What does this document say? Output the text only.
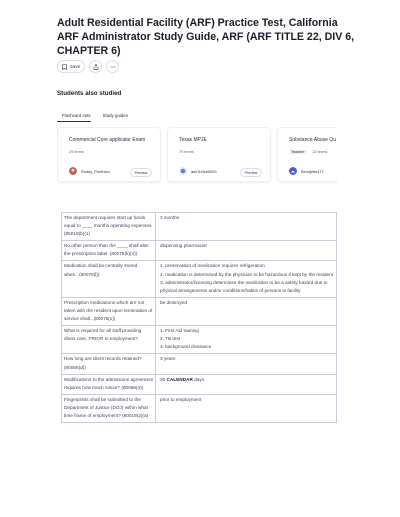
Adult Residential Facility (ARF) Practice Test, California ARF Administrator Study Guide, ARF (ARF TITLE 22, DIV 6, CHAPTER 6)
Save
Students also studied
Flashcard sets	Study guides
Commercial Core applicator Exam
29 terms
Roddy_Ponthieu	Preview
Texas MPJE
79 terms
ash1b0sb0000	Preview
Substance Abuse Qu
Teacher	22 terms
Bendjetts477
The department requires start up funds equal to ____ months operating expenses. (85018(b)(1)	3 months

No other person than the ____ shall alter the prescription label. (80075(k)(4))	dispensing pharmacist

Medication shall be centrally stored when...(80075(l))	1. preservation of medication requires refrigeration
2. medication is determined by the physician to be hazardous if kept by the resident
3. administrator/licensing determines the medication to be a safety hazard due to physical arrangements and/or conditions/habits of persons in facility

Prescription medications which are not taken with the resident upon termination of service shall...(80075(x))	be destroyed

What is required for all staff providing direct care, PRIOR to employment?	1. First Aid training
2. TB test
3. background clearance

How long are client records retained? (80066(d))	3 years

Modifications to the admissions agreement requires how much notice? (80068(4))	30 CALENDAR days

Fingerprints shall be submitted to the Department of Justice (DOJ) within what time frame of employment? (80019(2)(a)	prior to employment
